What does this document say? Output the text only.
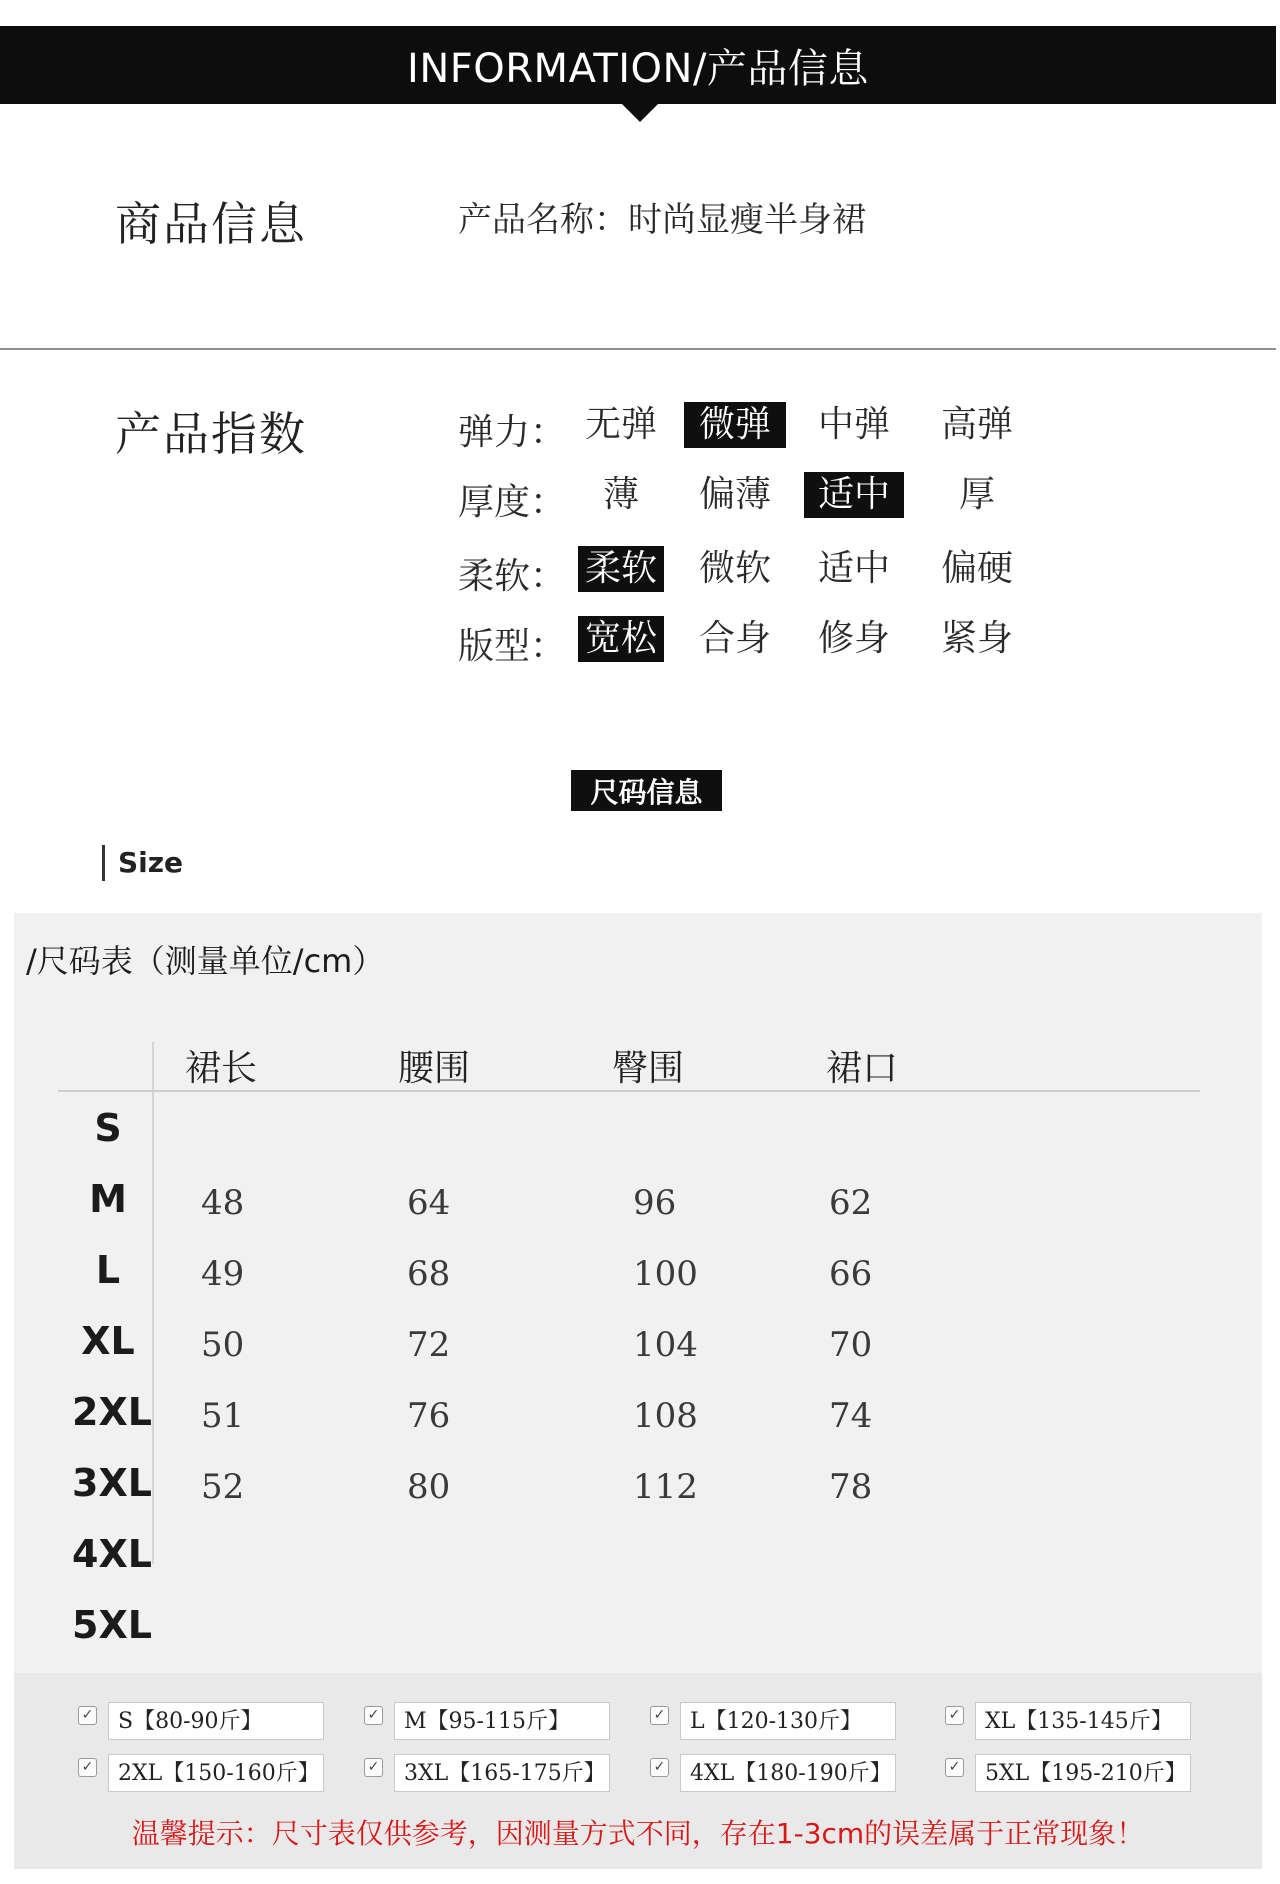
INFORMATION/产品信息
商品信息	产品名称：时尚显瘦半身裙
产品指数	弹力： 无弹	微弹	中弹	高弹
厚度：	薄	偏薄	适中	厚
柔软： 柔软	微软	适中	偏硬
版型： 宽松	合身	修身	紧身
尺码信息
Size
/尺码表（测量单位/cm）
裙长	腰围	臀围	裙口
S
M	48	64	96	62
L	49	68	100	66
XL 50	72	104	70
2XL 51	76	108	74
3XL 52	80	112	78
4XL
5XL
✓	S【80-90斤】	✓	M【95-115斤】	✓	L【120-130斤】	✓	XL【135-145斤】
✓	2XL【150-160斤】	✓	3XL【165-175斤】	✓	4XL【180-190斤】	✓	5XL【195-210斤】
温馨提示：尺寸表仅供参考，因测量方式不同，存在1-3cm的误差属于正常现象！
